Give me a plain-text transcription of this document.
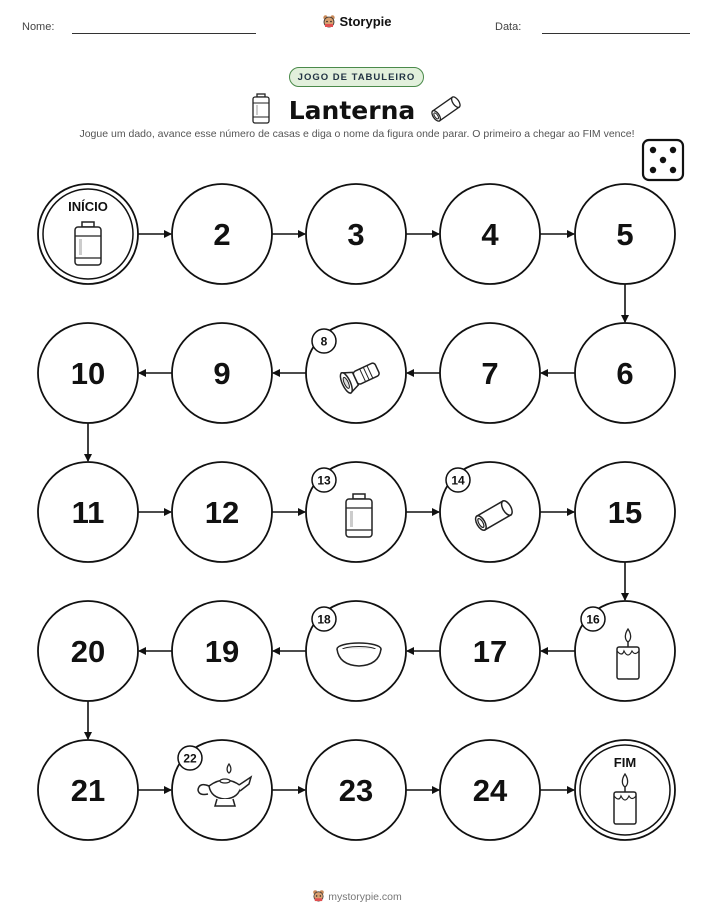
Nome:	Data:
Storypie
JOGO DE TABULEIRO
Lanterna
Jogue um dado, avance esse número de casas e diga o nome da figura onde parar. O primeiro a chegar ao FIM vence!
INÍCIO
2	3	4	5
6
7
8
9
10
11	12
13	14
15
16
17
18
19
20
21
22
23	24
FIM
mystorypie.com
